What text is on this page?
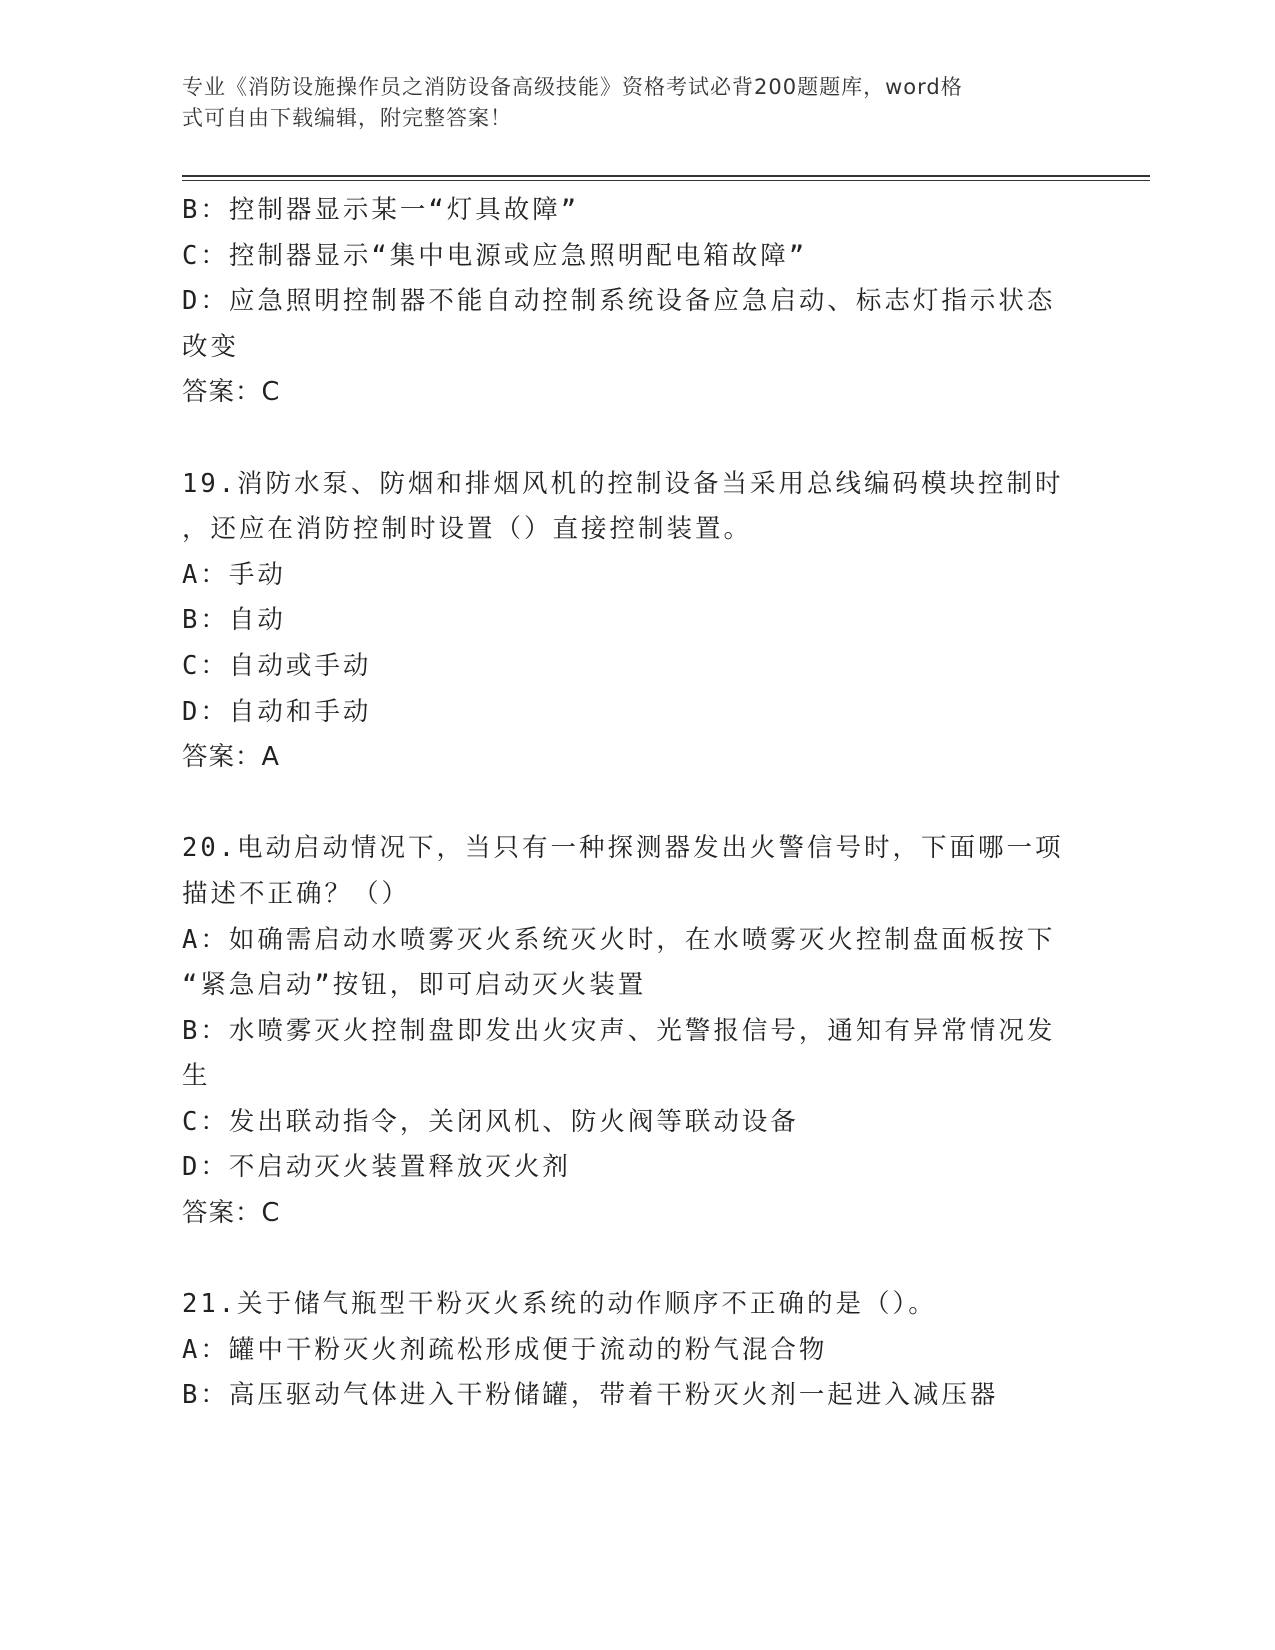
专业《消防设施操作员之消防设备高级技能》资格考试必背200题题库，word格
式可自由下载编辑，附完整答案！
B：控制器显示某一“灯具故障”
C：控制器显示“集中电源或应急照明配电箱故障”
D：应急照明控制器不能自动控制系统设备应急启动、标志灯指示状态
改变
答案：C
19.消防水泵、防烟和排烟风机的控制设备当采用总线编码模块控制时
，还应在消防控制时设置（）直接控制装置。
A：手动
B：自动
C：自动或手动
D：自动和手动
答案：A
20.电动启动情况下，当只有一种探测器发出火警信号时，下面哪一项
描述不正确？（）
A：如确需启动水喷雾灭火系统灭火时，在水喷雾灭火控制盘面板按下
“紧急启动”按钮，即可启动灭火装置
B：水喷雾灭火控制盘即发出火灾声、光警报信号，通知有异常情况发
生
C：发出联动指令，关闭风机、防火阀等联动设备
D：不启动灭火装置释放灭火剂
答案：C
21.关于储气瓶型干粉灭火系统的动作顺序不正确的是（）。
A：罐中干粉灭火剂疏松形成便于流动的粉气混合物
B：高压驱动气体进入干粉储罐，带着干粉灭火剂一起进入减压器
